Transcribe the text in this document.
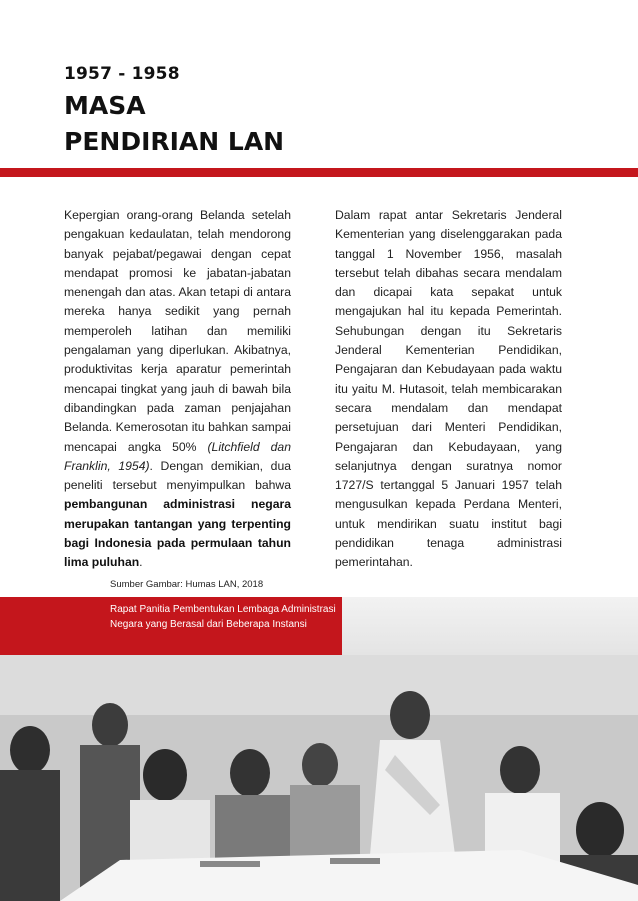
1957 - 1958
MASA
PENDIRIAN LAN

Kepergian orang-orang Belanda setelah pengakuan kedaulatan, telah mendorong banyak pejabat/pegawai dengan cepat mendapat promosi ke jabatan-jabatan menengah dan atas. Akan tetapi di antara mereka hanya sedikit yang pernah memperoleh latihan dan memiliki pengalaman yang diperlukan. Akibatnya, produktivitas kerja aparatur pemerintah mencapai tingkat yang jauh di bawah bila dibandingkan pada zaman penjajahan Belanda. Kemerosotan itu bahkan sampai mencapai angka 50% (Litchfield dan Franklin, 1954). Dengan demikian, dua peneliti tersebut menyimpulkan bahwa pembangunan administrasi negara merupakan tantangan yang terpenting bagi Indonesia pada permulaan tahun lima puluhan.

Dalam rapat antar Sekretaris Jenderal Kementerian yang diselenggarakan pada tanggal 1 November 1956, masalah tersebut telah dibahas secara mendalam dan dicapai kata sepakat untuk mengajukan hal itu kepada Pemerintah. Sehubungan dengan itu Sekretaris Jenderal Kementerian Pendidikan, Pengajaran dan Kebudayaan pada waktu itu yaitu M. Hutasoit, telah membicarakan secara mendalam dan mendapat persetujuan dari Menteri Pendidikan, Pengajaran dan Kebudayaan, yang selanjutnya dengan suratnya nomor 1727/S tertanggal 5 Januari 1957 telah mengusulkan kepada Perdana Menteri, untuk mendirikan suatu institut bagi pendidikan tenaga administrasi pemerintahan.

Sumber Gambar: Humas LAN, 2018
Rapat Panitia Pembentukan Lembaga Administrasi
Negara yang Berasal dari Beberapa Instansi
